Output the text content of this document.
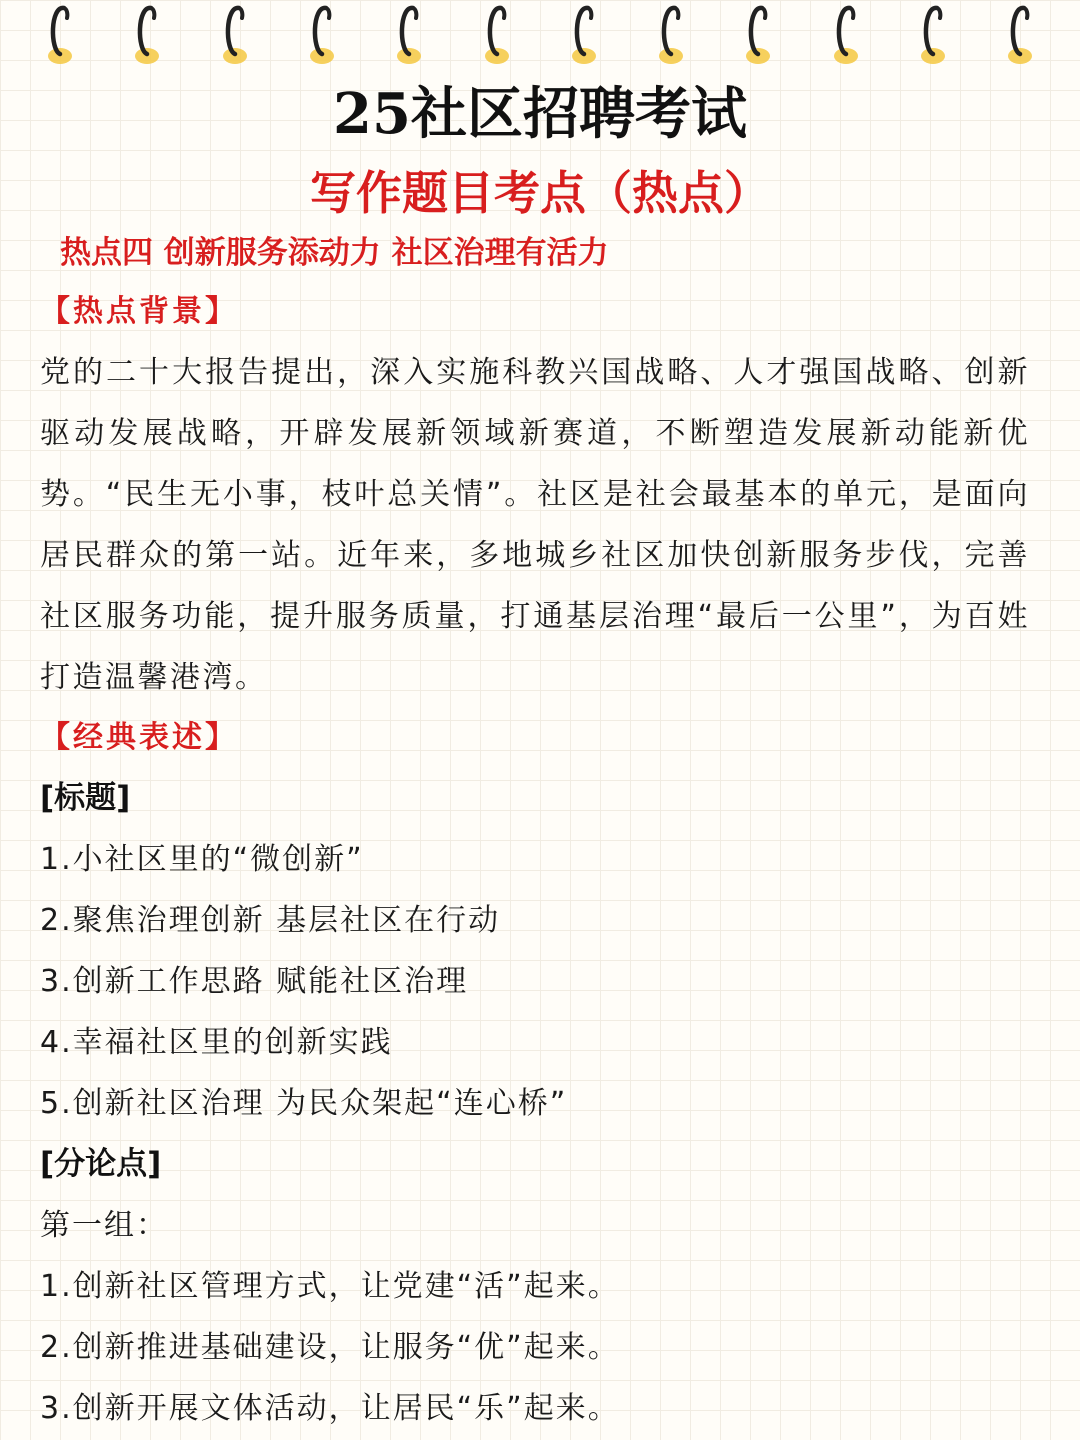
25社区招聘考试
写作题目考点（热点）
热点四 创新服务添动力 社区治理有活力
【热点背景】
党的二十大报告提出，深入实施科教兴国战略、人才强国战略、创新驱动发展战略，开辟发展新领域新赛道，不断塑造发展新动能新优势。“民生无小事，枝叶总关情”。社区是社会最基本的单元，是面向居民群众的第一站。近年来，多地城乡社区加快创新服务步伐，完善社区服务功能，提升服务质量，打通基层治理“最后一公里”，为百姓打造温馨港湾。
【经典表述】
[标题]
1.小社区里的“微创新”
2.聚焦治理创新 基层社区在行动
3.创新工作思路 赋能社区治理
4.幸福社区里的创新实践
5.创新社区治理 为民众架起“连心桥”
[分论点]
第一组：
1.创新社区管理方式，让党建“活”起来。
2.创新推进基础建设，让服务“优”起来。
3.创新开展文体活动，让居民“乐”起来。
